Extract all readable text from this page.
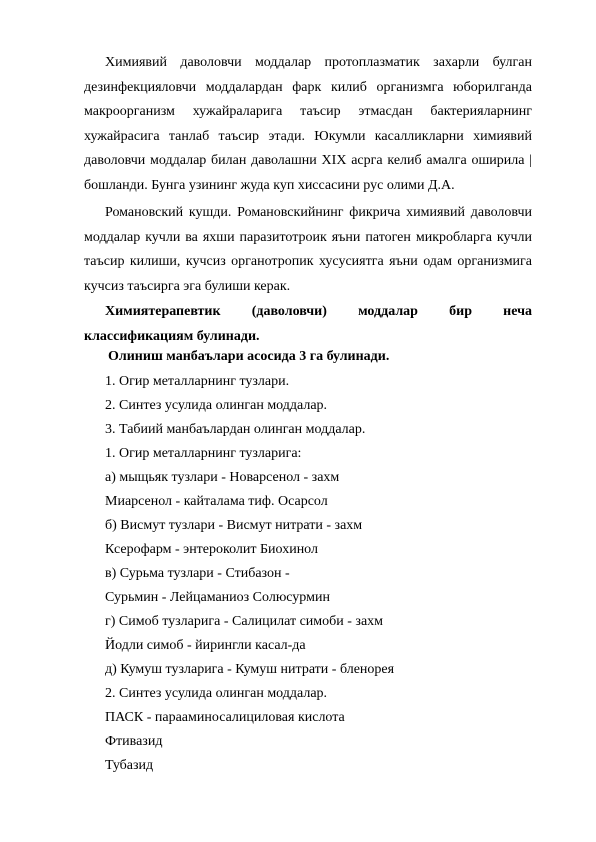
Химиявий даволовчи моддалар протоплазматик захарли булган дезинфекцияловчи моддалардан фарк килиб организмга юборилганда макроорганизм хужайраларига таъсир этмасдан бактерияларнинг хужайрасига танлаб таъсир этади. Юкумли касалликларни химиявий даволовчи моддалар билан даволашни XIX асрга келиб амалга оширила | бошланди. Бунга узининг жуда куп хиссасини рус олими Д.А.

Романовский кушди. Романовскийнинг фикрича химиявий даволовчи моддалар кучли ва яхши паразитотроик яъни патоген микробларга кучли таъсир килиши, кучсиз органотропик хусусиятга яъни одам организмига кучсиз таъсирга эга булиши керак.

Химиятерапевтик (даволовчи) моддалар бир неча классификациям булинади.

Олиниш манбаълари асосида 3 га булинади.

1. Огир металларнинг тузлари.

2. Синтез усулида олинган моддалар.

3. Табиий манбаълардан олинган моддалар.

1. Огир металларнинг тузларига:

а) мыщьяк тузлари - Новарсенол - захм

Миарсенол - кайталама тиф. Осарсол

б) Висмут тузлари - Висмут нитрати - захм

Ксерофарм - энтероколит Биохинол

в) Сурьма тузлари - Стибазон -

Сурьмин - Лейцаманиоз Солюсурмин

г) Симоб тузларига - Салицилат симоби - захм

Йодли симоб - йирингли касал-да

д) Кумуш тузларига - Кумуш нитрати - бленорея

2. Синтез усулида олинган моддалар.

ПАСК - парааминосалициловая кислота

Фтивазид

Тубазид
